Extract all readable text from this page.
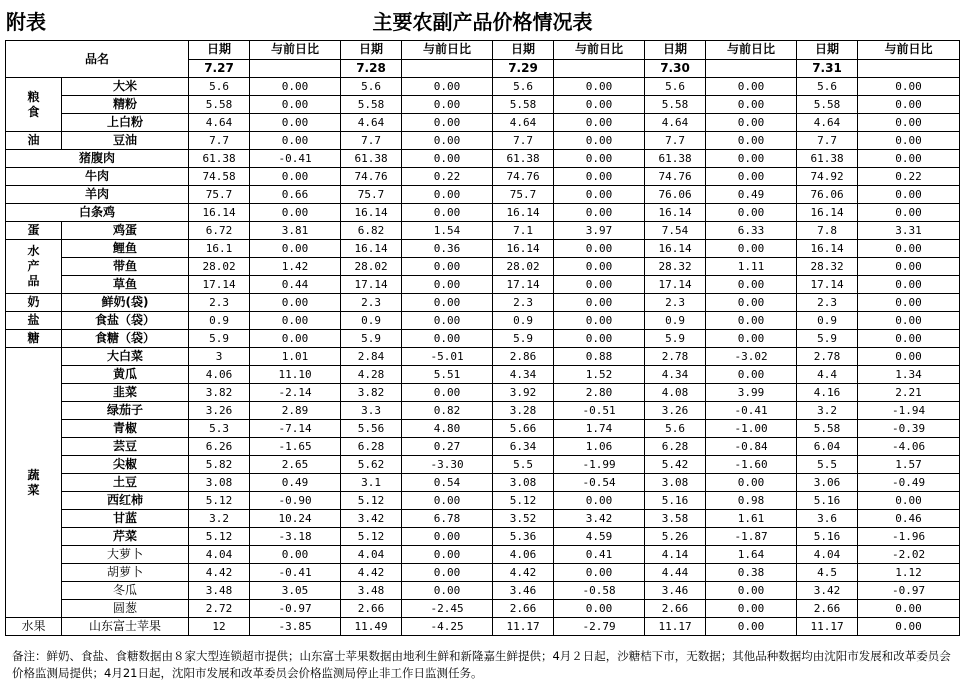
附表	主要农副产品价格情况表
品名		日期	与前日比	日期	与前日比	日期	与前日比	日期	与前日比	日期	与前日比
		7.27		7.28		7.29		7.30		7.31	
粮食	大米	5.6	0.00	5.6	0.00	5.6	0.00	5.6	0.00	5.6	0.00
	精粉	5.58	0.00	5.58	0.00	5.58	0.00	5.58	0.00	5.58	0.00
	上白粉	4.64	0.00	4.64	0.00	4.64	0.00	4.64	0.00	4.64	0.00
油	豆油	7.7	0.00	7.7	0.00	7.7	0.00	7.7	0.00	7.7	0.00
猪腹肉		61.38	-0.41	61.38	0.00	61.38	0.00	61.38	0.00	61.38	0.00
牛肉		74.58	0.00	74.76	0.22	74.76	0.00	74.76	0.00	74.92	0.22
羊肉		75.7	0.66	75.7	0.00	75.7	0.00	76.06	0.49	76.06	0.00
白条鸡		16.14	0.00	16.14	0.00	16.14	0.00	16.14	0.00	16.14	0.00
蛋	鸡蛋	6.72	3.81	6.82	1.54	7.1	3.97	7.54	6.33	7.8	3.31
水产品	鲤鱼	16.1	0.00	16.14	0.36	16.14	0.00	16.14	0.00	16.14	0.00
	带鱼	28.02	1.42	28.02	0.00	28.02	0.00	28.32	1.11	28.32	0.00
	草鱼	17.14	0.44	17.14	0.00	17.14	0.00	17.14	0.00	17.14	0.00
奶	鲜奶(袋)	2.3	0.00	2.3	0.00	2.3	0.00	2.3	0.00	2.3	0.00
盐	食盐（袋）	0.9	0.00	0.9	0.00	0.9	0.00	0.9	0.00	0.9	0.00
糖	食糖（袋）	5.9	0.00	5.9	0.00	5.9	0.00	5.9	0.00	5.9	0.00
蔬菜	大白菜	3	1.01	2.84	-5.01	2.86	0.88	2.78	-3.02	2.78	0.00
	黄瓜	4.06	11.10	4.28	5.51	4.34	1.52	4.34	0.00	4.4	1.34
	韭菜	3.82	-2.14	3.82	0.00	3.92	2.80	4.08	3.99	4.16	2.21
	绿茄子	3.26	2.89	3.3	0.82	3.28	-0.51	3.26	-0.41	3.2	-1.94
	青椒	5.3	-7.14	5.56	4.80	5.66	1.74	5.6	-1.00	5.58	-0.39
	芸豆	6.26	-1.65	6.28	0.27	6.34	1.06	6.28	-0.84	6.04	-4.06
	尖椒	5.82	2.65	5.62	-3.30	5.5	-1.99	5.42	-1.60	5.5	1.57
	土豆	3.08	0.49	3.1	0.54	3.08	-0.54	3.08	0.00	3.06	-0.49
	西红柿	5.12	-0.90	5.12	0.00	5.12	0.00	5.16	0.98	5.16	0.00
	甘蓝	3.2	10.24	3.42	6.78	3.52	3.42	3.58	1.61	3.6	0.46
	芹菜	5.12	-3.18	5.12	0.00	5.36	4.59	5.26	-1.87	5.16	-1.96
	大萝卜	4.04	0.00	4.04	0.00	4.06	0.41	4.14	1.64	4.04	-2.02
	胡萝卜	4.42	-0.41	4.42	0.00	4.42	0.00	4.44	0.38	4.5	1.12
	冬瓜	3.48	3.05	3.48	0.00	3.46	-0.58	3.46	0.00	3.42	-0.97
	圆葱	2.72	-0.97	2.66	-2.45	2.66	0.00	2.66	0.00	2.66	0.00
水果	山东富士苹果	12	-3.85	11.49	-4.25	11.17	-2.79	11.17	0.00	11.17	0.00
备注：鲜奶、食盐、食糖数据由８家大型连锁超市提供；山东富士苹果数据由地利生鲜和新隆嘉生鲜提供；4月２日起，沙糖桔下市，无数据；其他品种数据均由沈阳市发展和改革委员会价格监测局提供；4月21日起，沈阳市发展和改革委员会价格监测局停止非工作日监测任务。
